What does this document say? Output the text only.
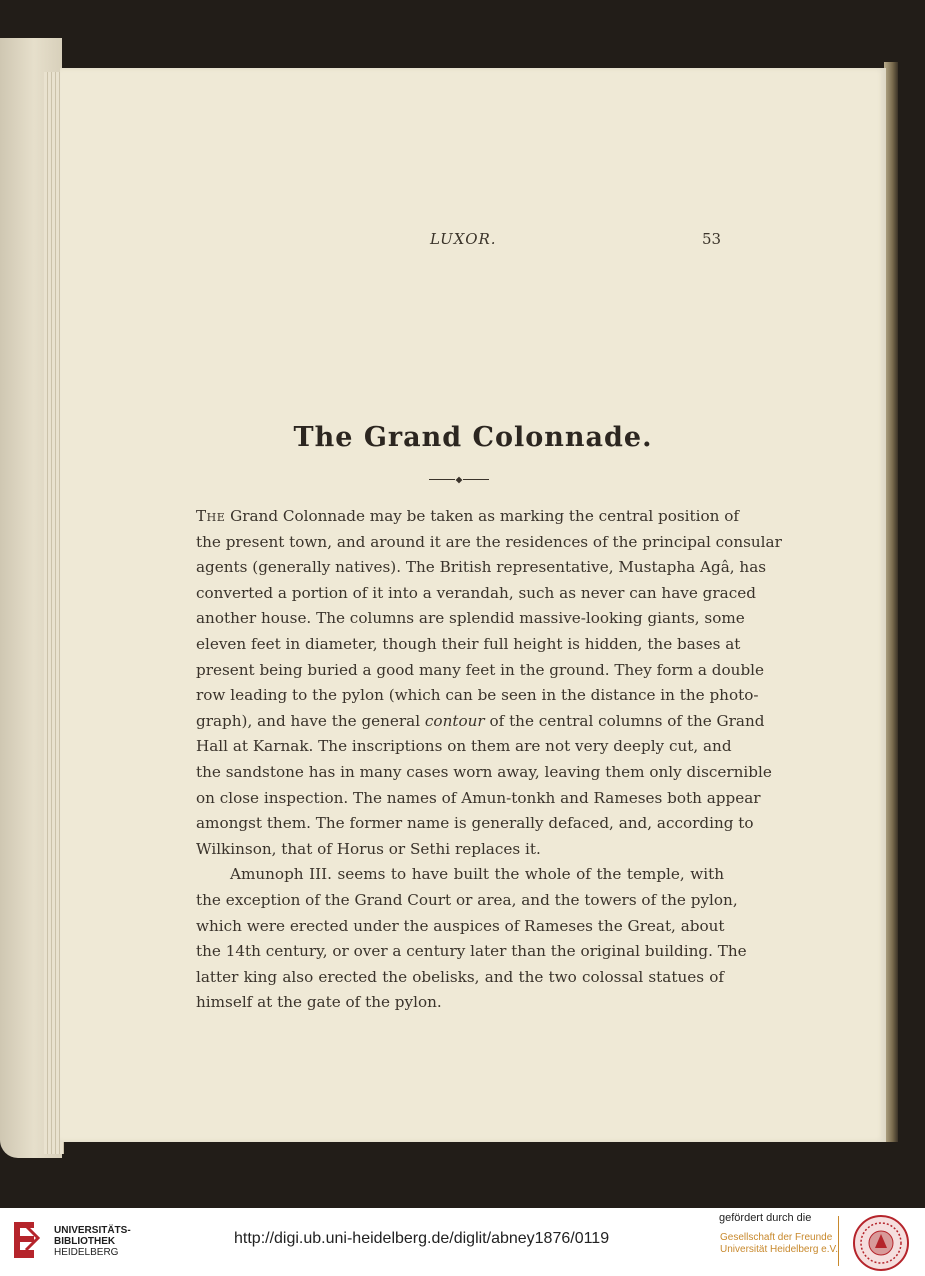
LUXOR.	53
The Grand Colonnade.
The Grand Colonnade may be taken as marking the central position of
the present town, and around it are the residences of the principal consular
agents (generally natives). The British representative, Mustapha Agâ, has
converted a portion of it into a verandah, such as never can have graced
another house. The columns are splendid massive-looking giants, some
eleven feet in diameter, though their full height is hidden, the bases at
present being buried a good many feet in the ground. They form a double
row leading to the pylon (which can be seen in the distance in the photo-
graph), and have the general contour of the central columns of the Grand
Hall at Karnak. The inscriptions on them are not very deeply cut, and
the sandstone has in many cases worn away, leaving them only discernible
on close inspection. The names of Amun-tonkh and Rameses both appear
amongst them. The former name is generally defaced, and, according to
Wilkinson, that of Horus or Sethi replaces it.
Amunoph III. seems to have built the whole of the temple, with
the exception of the Grand Court or area, and the towers of the pylon,
which were erected under the auspices of Rameses the Great, about
the 14th century, or over a century later than the original building. The
latter king also erected the obelisks, and the two colossal statues of
himself at the gate of the pylon.
UNIVERSITÄTS-
BIBLIOTHEK
HEIDELBERG
http://digi.ub.uni-heidelberg.de/diglit/abney1876/0119
gefördert durch die
Gesellschaft der Freunde
Universität Heidelberg e.V.
